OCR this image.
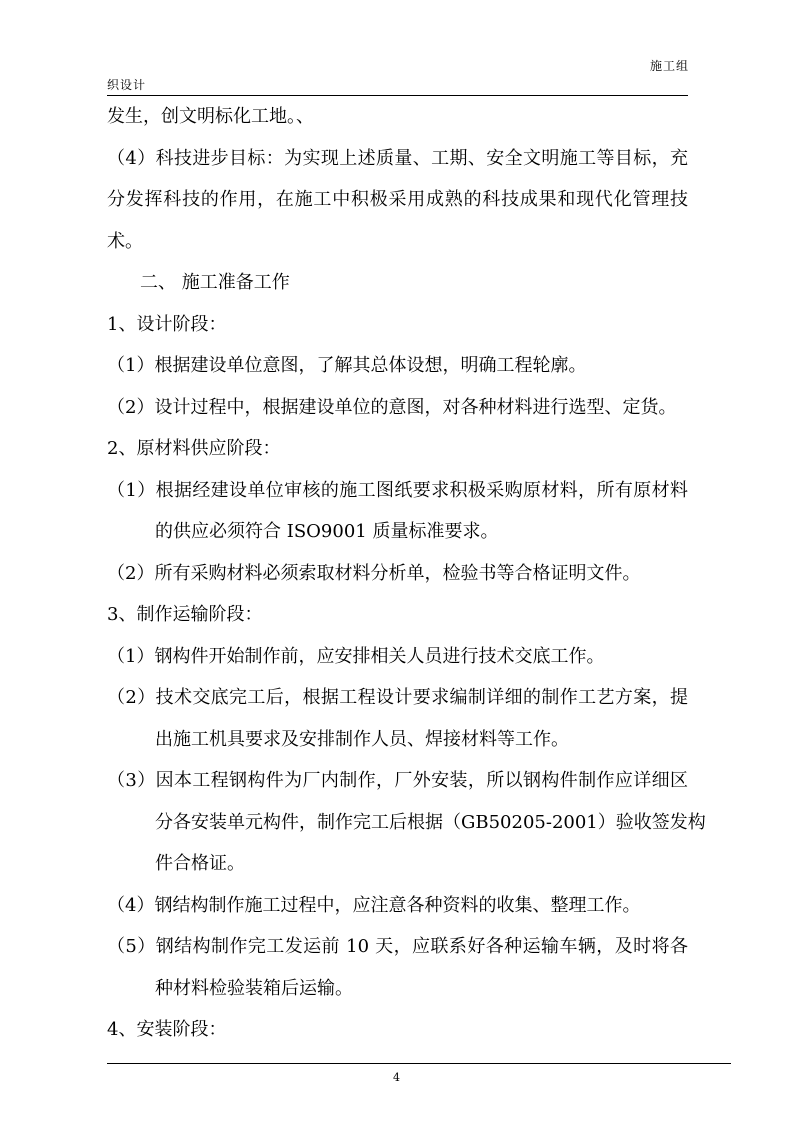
施工组
织设计
发生，创文明标化工地。、
（4）科技进步目标：为实现上述质量、工期、安全文明施工等目标，充
分发挥科技的作用，在施工中积极采用成熟的科技成果和现代化管理技
术。
二、 施工准备工作
1、设计阶段：
（1）根据建设单位意图，了解其总体设想，明确工程轮廓。
（2）设计过程中，根据建设单位的意图，对各种材料进行选型、定货。
2、原材料供应阶段：
（1）根据经建设单位审核的施工图纸要求积极采购原材料，所有原材料
的供应必须符合 ISO9001 质量标准要求。
（2）所有采购材料必须索取材料分析单，检验书等合格证明文件。
3、制作运输阶段：
（1）钢构件开始制作前，应安排相关人员进行技术交底工作。
（2）技术交底完工后，根据工程设计要求编制详细的制作工艺方案，提
出施工机具要求及安排制作人员、焊接材料等工作。
（3）因本工程钢构件为厂内制作，厂外安装，所以钢构件制作应详细区
分各安装单元构件，制作完工后根据（GB50205-2001）验收签发构
件合格证。
（4）钢结构制作施工过程中，应注意各种资料的收集、整理工作。
（5）钢结构制作完工发运前 10 天，应联系好各种运输车辆，及时将各
种材料检验装箱后运输。
4、安装阶段：
4
